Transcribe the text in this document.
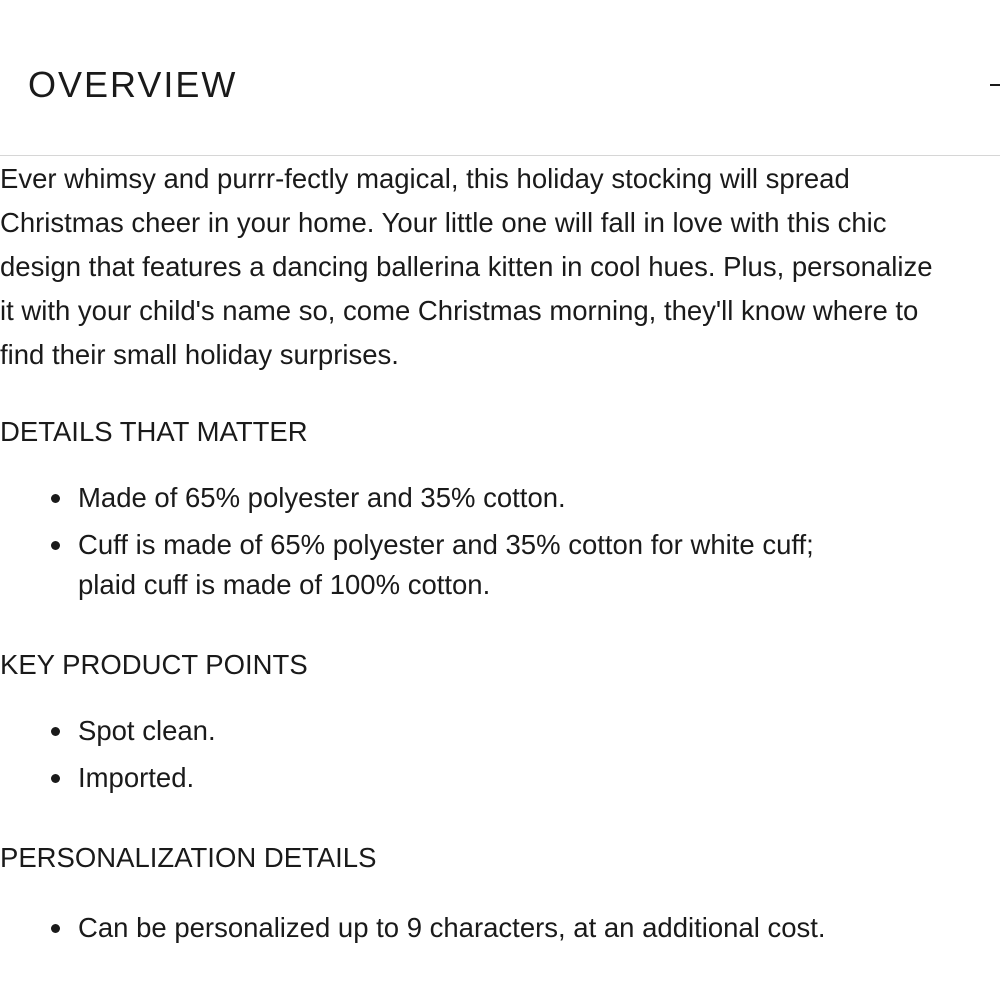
OVERVIEW

Ever whimsy and purrr-fectly magical, this holiday stocking will spread
Christmas cheer in your home. Your little one will fall in love with this chic
design that features a dancing ballerina kitten in cool hues. Plus, personalize
it with your child's name so, come Christmas morning, they'll know where to
find their small holiday surprises.

DETAILS THAT MATTER
Made of 65% polyester and 35% cotton.
Cuff is made of 65% polyester and 35% cotton for white cuff;
plaid cuff is made of 100% cotton.
KEY PRODUCT POINTS
Spot clean.
Imported.
PERSONALIZATION DETAILS
Can be personalized up to 9 characters, at an additional cost.
